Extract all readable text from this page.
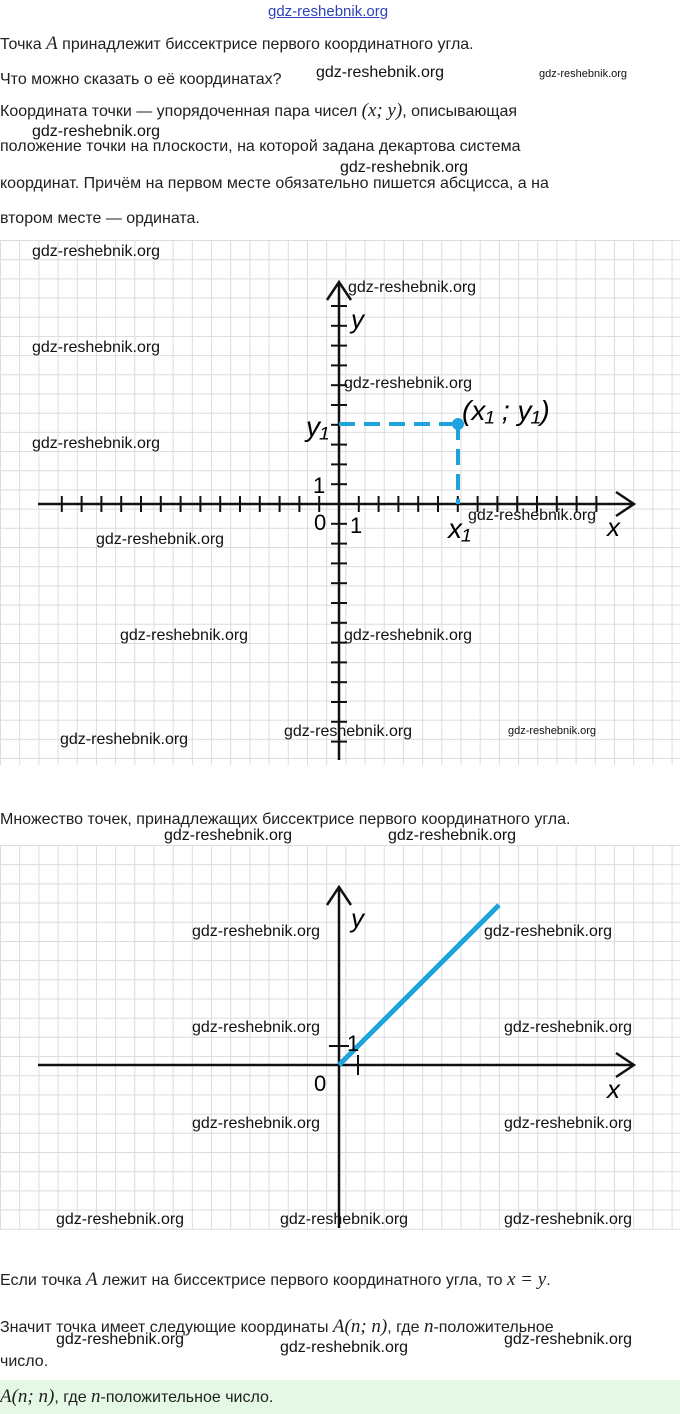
gdz-reshebnik.org

Точка A принадлежит биссектрисе первого координатного угла.

Что можно сказать о её координатах?

Координата точки — упорядоченная пара чисел (x; y), описывающая

положение точки на плоскости, на которой задана декартова система

координат. Причём на первом месте обязательно пишется абсцисса, а на

втором месте — ордината.

y
x
0 1
1
(x₁ ; y₁)
y₁
x₁

Множество точек, принадлежащих биссектрисе первого координатного угла.

y
x
0
1

Если точка A лежит на биссектрисе первого координатного угла, то x = y.

Значит точка имеет следующие координаты A(n; n), где n-положительное

число.

A(n; n), где n-положительное число.

gdz-reshebnik.org	gdz-reshebnik.org
gdz-reshebnik.org
gdz-reshebnik.org
gdz-reshebnik.org
gdz-reshebnik.org
gdz-reshebnik.org
gdz-reshebnik.org
gdz-reshebnik.org
gdz-reshebnik.org
gdz-reshebnik.org
gdz-reshebnik.org	gdz-reshebnik.org
gdz-reshebnik.org	gdz-reshebnik.org
gdz-reshebnik.org
gdz-reshebnik.org	gdz-reshebnik.org
gdz-reshebnik.org	gdz-reshebnik.org
gdz-reshebnik.org	gdz-reshebnik.org
gdz-reshebnik.org	gdz-reshebnik.org
gdz-reshebnik.org	gdz-reshebnik.org	gdz-reshebnik.org
gdz-reshebnik.org	gdz-reshebnik.org
gdz-reshebnik.org
